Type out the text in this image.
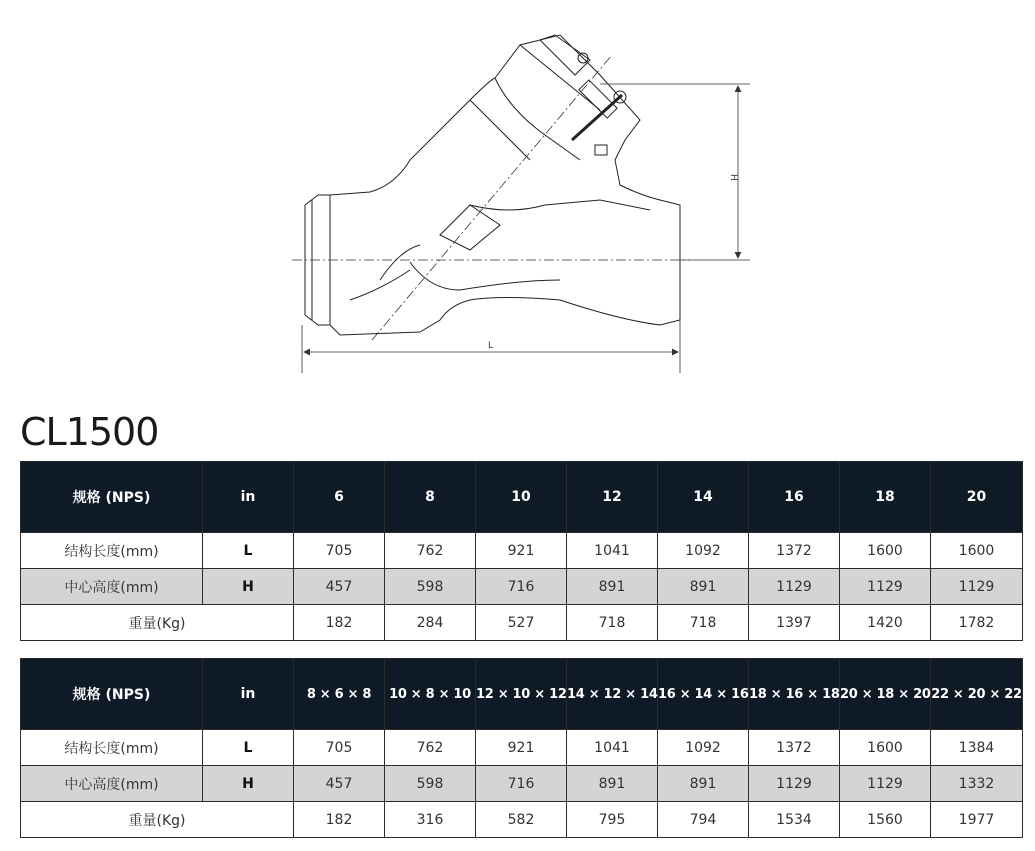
H
L
CL1500
规格 (NPS)	in	6	8	10	12	14	16	18	20
结构长度(mm)	L	705	762	921	1041	1092	1372	1600	1600
中心高度(mm)	H	457	598	716	891	891	1129	1129	1129
重量(Kg)		182	284	527	718	718	1397	1420	1782
规格 (NPS)	in	8 × 6 × 8	10 × 8 × 10	12 × 10 × 12	14 × 12 × 14	16 × 14 × 16	18 × 16 × 18	20 × 18 × 20	22 × 20 × 22
结构长度(mm)	L	705	762	921	1041	1092	1372	1600	1384
中心高度(mm)	H	457	598	716	891	891	1129	1129	1332
重量(Kg)		182	316	582	795	794	1534	1560	1977
